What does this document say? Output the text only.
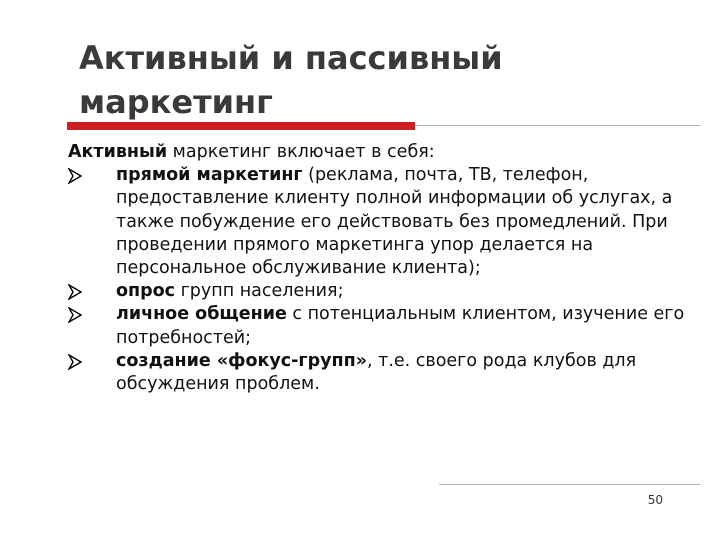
Активный и пассивный
маркетинг

Активный маркетинг включает в себя:

прямой маркетинг (реклама, почта, ТВ, телефон, предоставление клиенту полной информации об услугах, а также побуждение его действовать без промедлений. При проведении прямого маркетинга упор делается на персональное обслуживание клиента);
опрос групп населения;
личное общение с потенциальным клиентом, изучение его потребностей;
создание «фокус-групп», т.е. своего рода клубов для обсуждения проблем.
50
